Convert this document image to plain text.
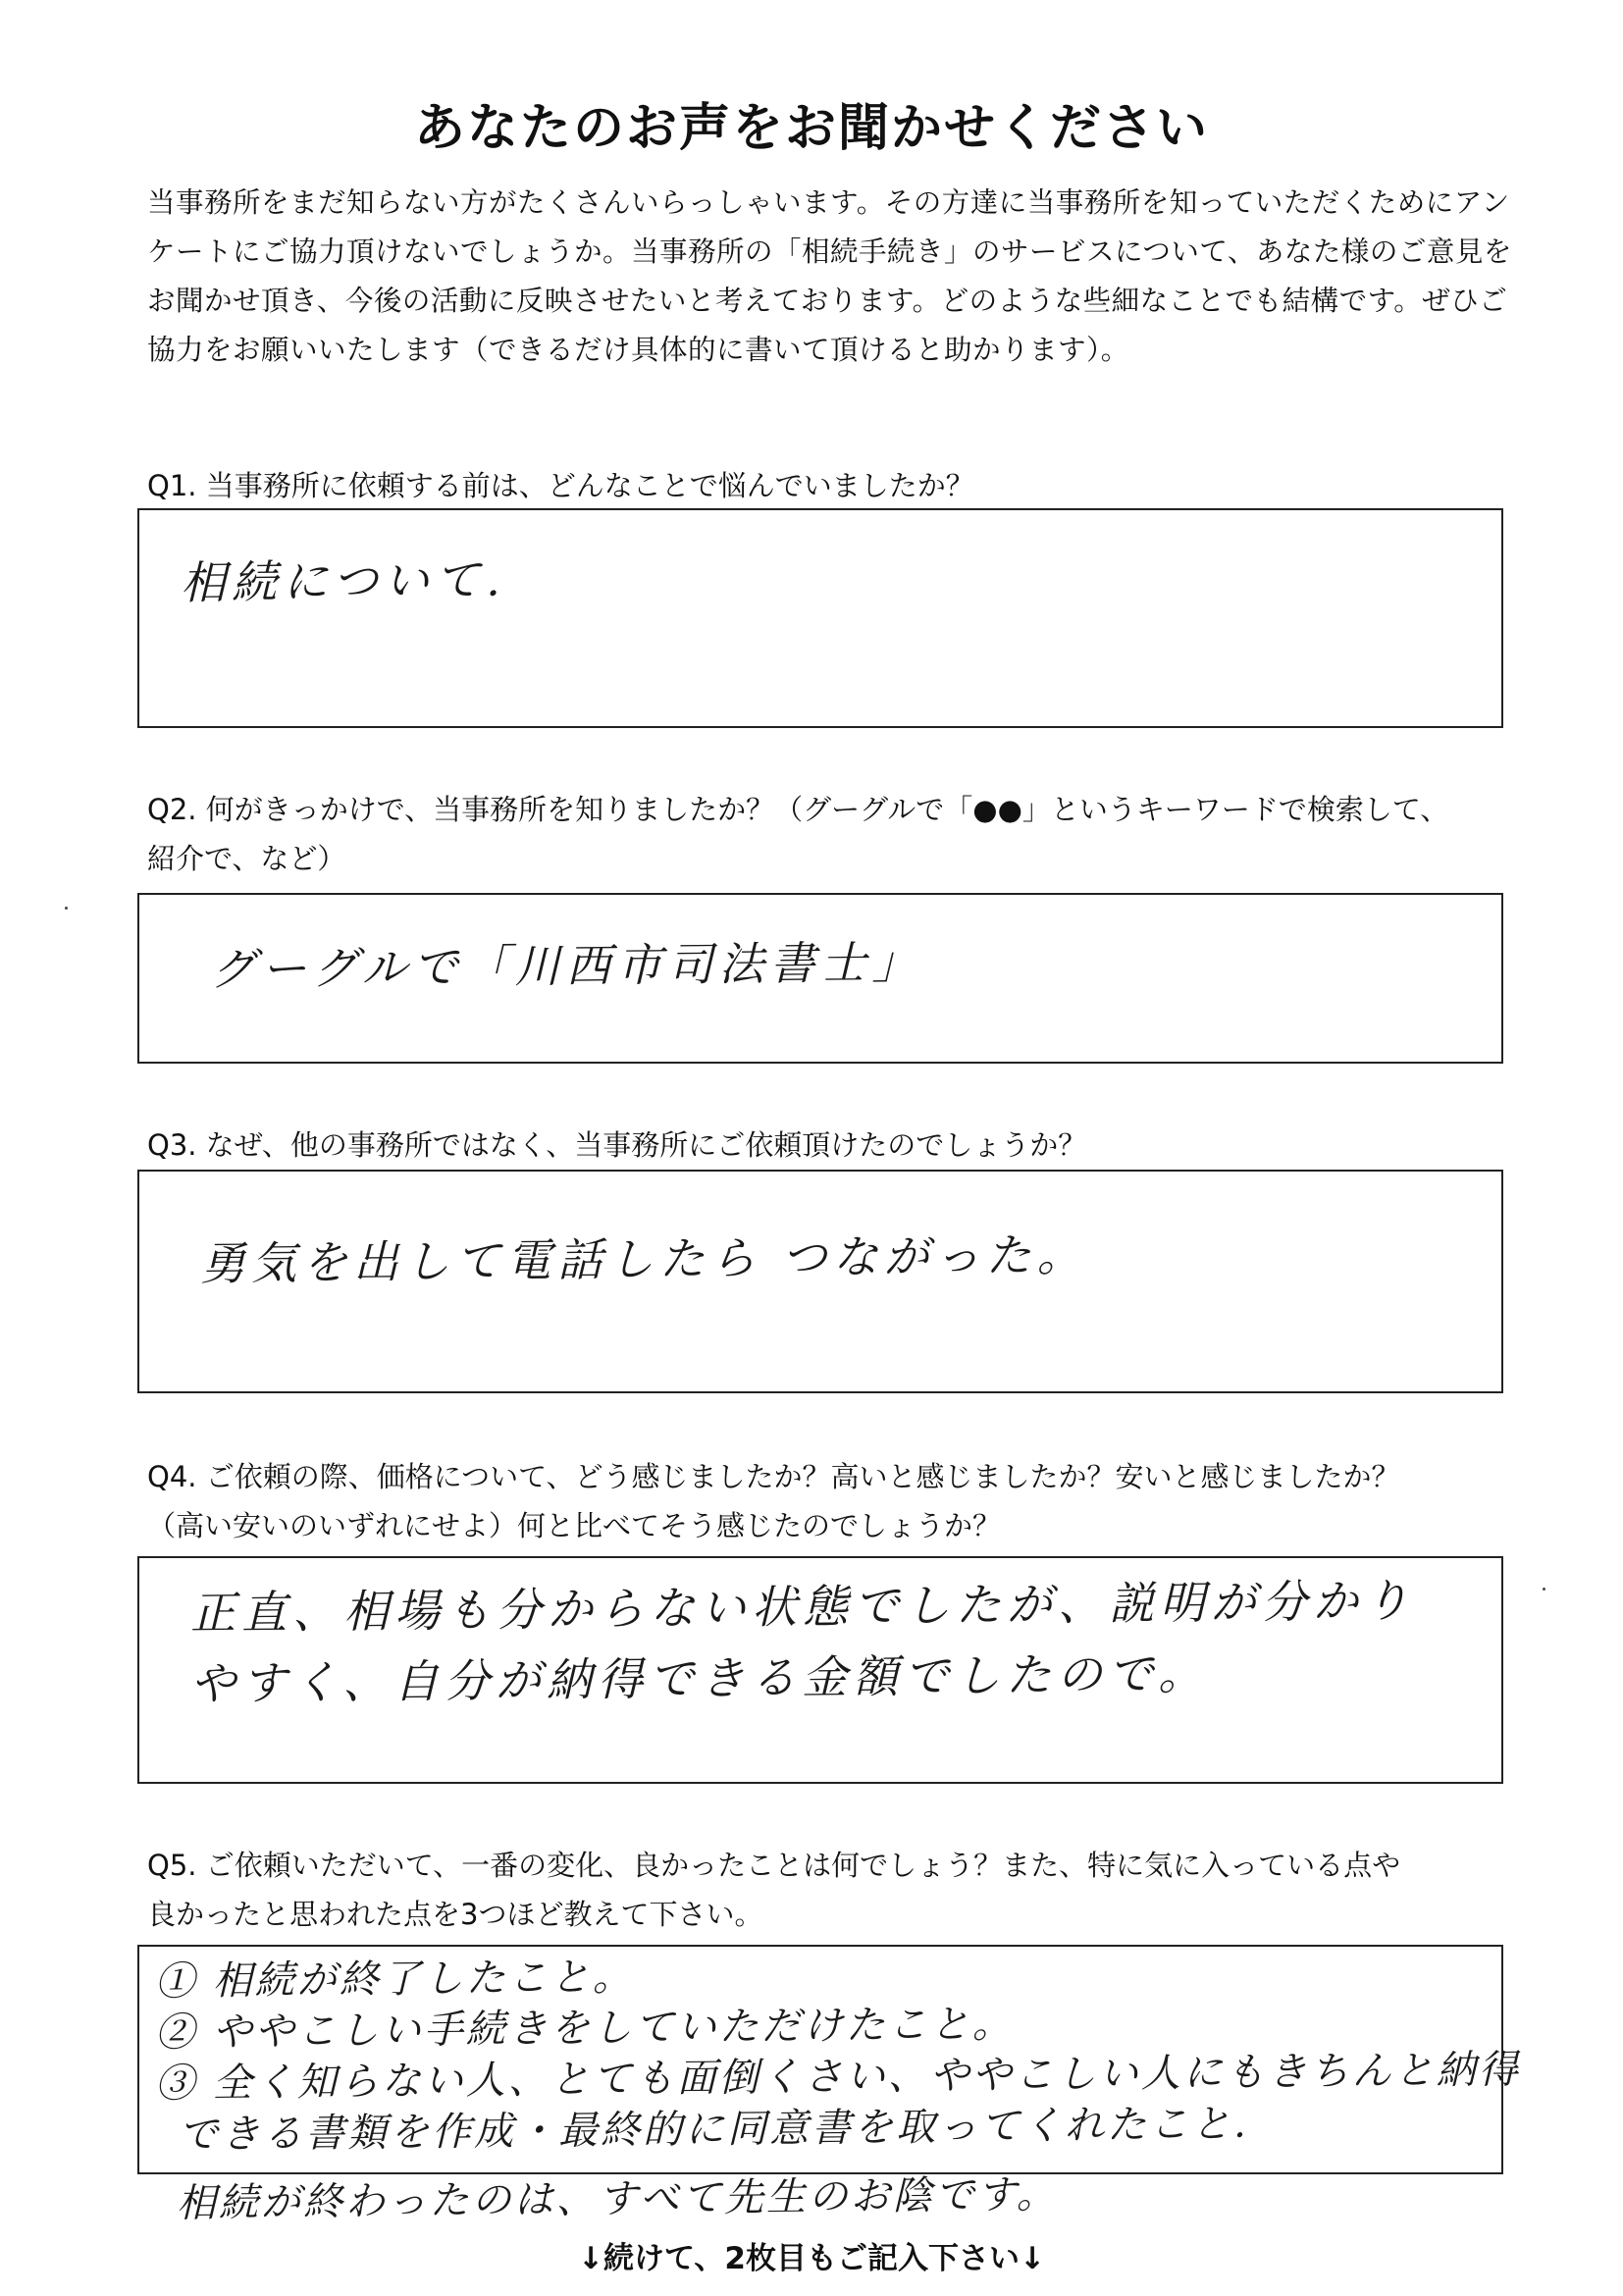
あなたのお声をお聞かせください

当事務所をまだ知らない方がたくさんいらっしゃいます。その方達に当事務所を知っていただくためにアン

ケートにご協力頂けないでしょうか。当事務所の「相続手続き」のサービスについて、あなた様のご意見を

お聞かせ頂き、今後の活動に反映させたいと考えております。どのような些細なことでも結構です。ぜひご

協力をお願いいたします（できるだけ具体的に書いて頂けると助かります）。

Q1. 当事務所に依頼する前は、どんなことで悩んでいましたか？

相続について.

Q2. 何がきっかけで、当事務所を知りましたか？（グーグルで「●●」というキーワードで検索して、

紹介で、など）

グーグルで「川西市司法書士」

Q3. なぜ、他の事務所ではなく、当事務所にご依頼頂けたのでしょうか？

勇気を出して電話したら つながった。

Q4. ご依頼の際、価格について、どう感じましたか？高いと感じましたか？安いと感じましたか？

（高い安いのいずれにせよ）何と比べてそう感じたのでしょうか？

正直、相場も分からない状態でしたが、説明が分かり
やすく、自分が納得できる金額でしたので。

Q5. ご依頼いただいて、一番の変化、良かったことは何でしょう？また、特に気に入っている点や

良かったと思われた点を3つほど教えて下さい。

① 相続が終了したこと。
② ややこしい手続きをしていただけたこと。
③ 全く知らない人、とても面倒くさい、ややこしい人にもきちんと納得
できる書類を作成・最終的に同意書を取ってくれたこと.
相続が終わったのは、すべて先生のお陰です。
↓続けて、2枚目もご記入下さい↓
